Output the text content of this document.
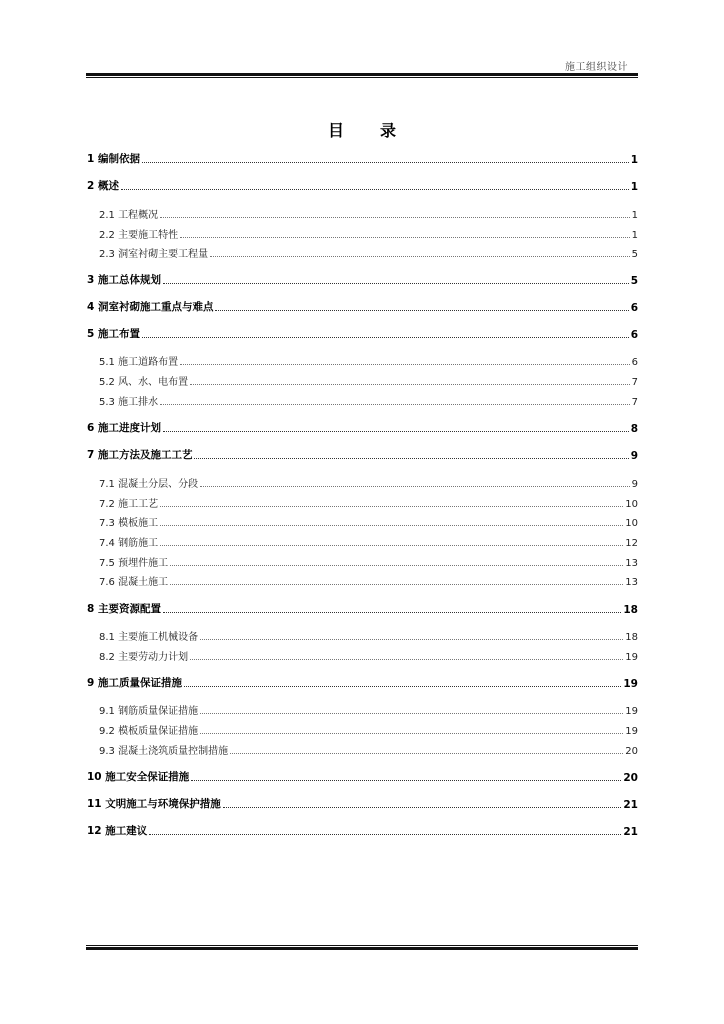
施工组织设计
目录
1 编制依据	1
2 概述	1
2.1 工程概况	1
2.2 主要施工特性	1
2.3 洞室衬砌主要工程量	5
3 施工总体规划	5
4 洞室衬砌施工重点与难点	6
5 施工布置	6
5.1 施工道路布置	6
5.2 风、水、电布置	7
5.3 施工排水	7
6 施工进度计划	8
7 施工方法及施工工艺	9
7.1 混凝土分层、分段	9
7.2 施工工艺	10
7.3 模板施工	10
7.4 钢筋施工	12
7.5 预埋件施工	13
7.6 混凝土施工	13
8 主要资源配置	18
8.1 主要施工机械设备	18
8.2 主要劳动力计划	19
9 施工质量保证措施	19
9.1 钢筋质量保证措施	19
9.2 模板质量保证措施	19
9.3 混凝土浇筑质量控制措施	20
10 施工安全保证措施	20
11 文明施工与环境保护措施	21
12 施工建议	21
